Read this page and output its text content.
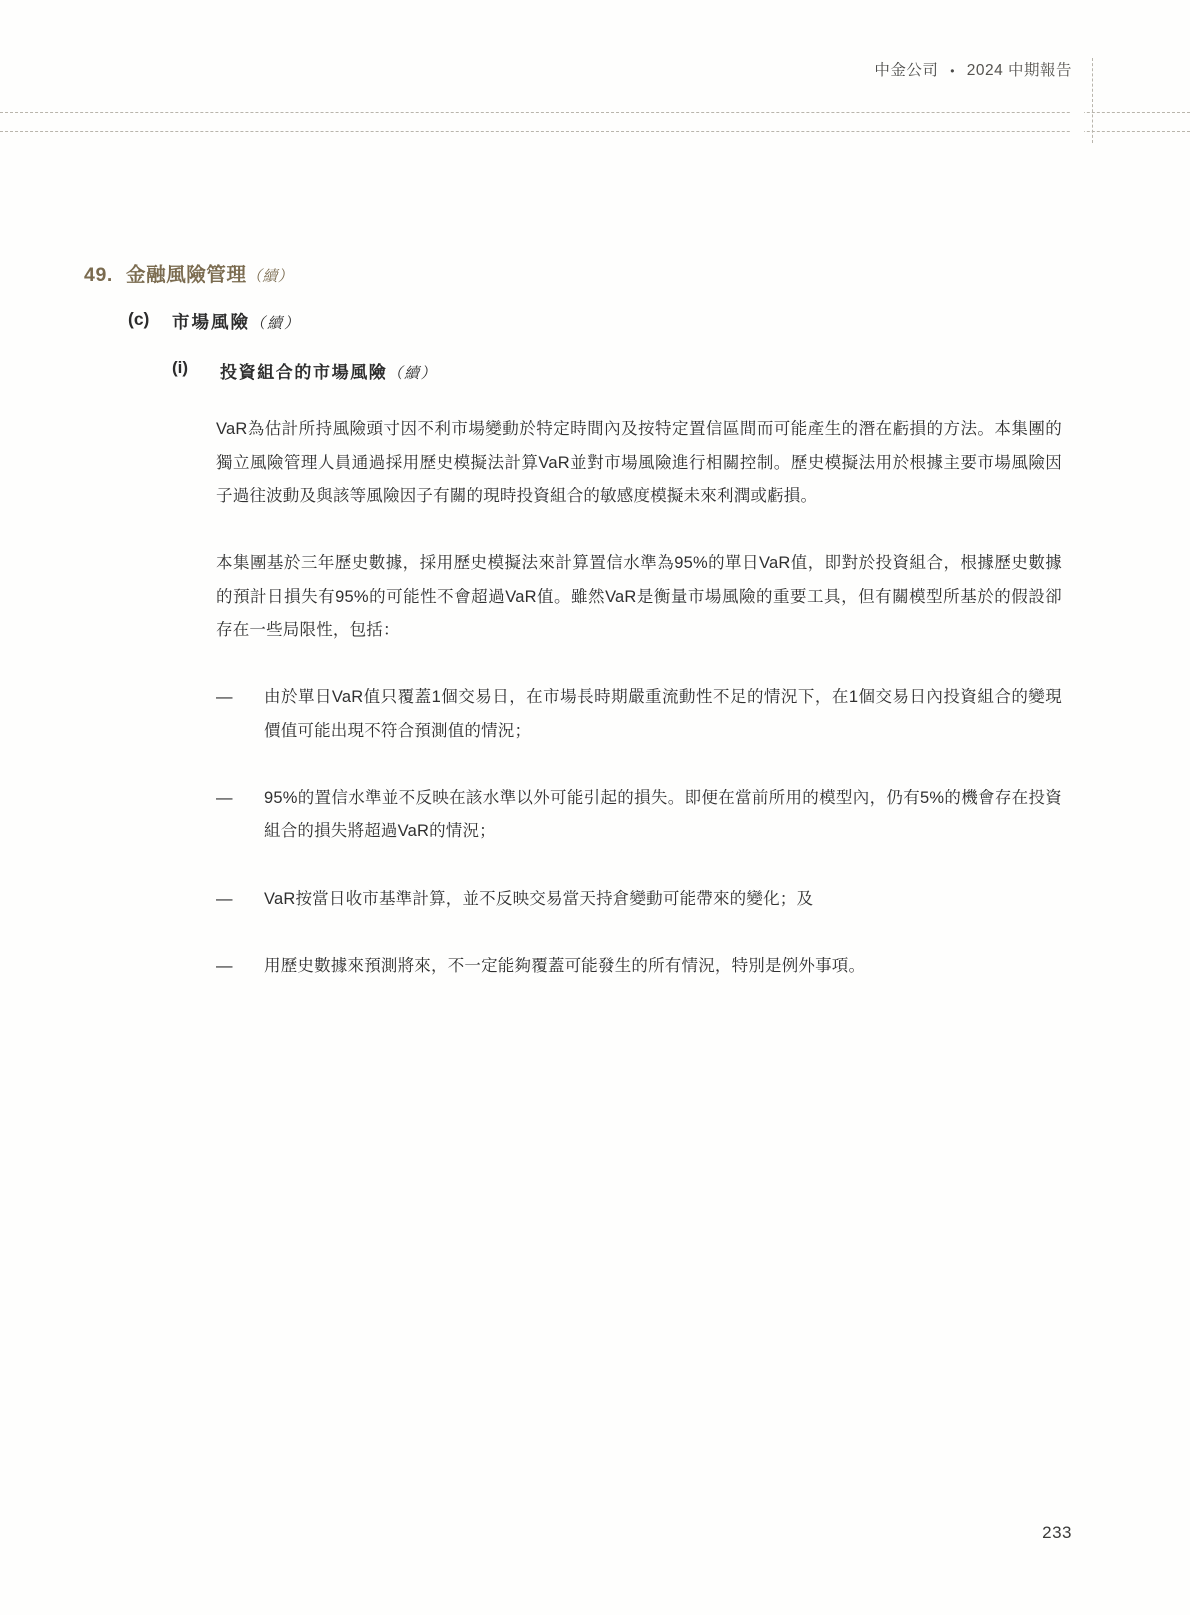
中金公司 • 2024 中期報告
49. 金融風險管理（續）
(c) 市場風險（續）
(i) 投資組合的市場風險（續）

VaR為估計所持風險頭寸因不利市場變動於特定時間內及按特定置信區間而可能產生的潛在虧損的方法。本集團的獨立風險管理人員通過採用歷史模擬法計算VaR並對市場風險進行相關控制。歷史模擬法用於根據主要市場風險因子過往波動及與該等風險因子有關的現時投資組合的敏感度模擬未來利潤或虧損。

本集團基於三年歷史數據，採用歷史模擬法來計算置信水準為95%的單日VaR值，即對於投資組合，根據歷史數據的預計日損失有95%的可能性不會超過VaR值。雖然VaR是衡量市場風險的重要工具，但有關模型所基於的假設卻存在一些局限性，包括：

— 由於單日VaR值只覆蓋1個交易日，在市場長時期嚴重流動性不足的情況下，在1個交易日內投資組合的變現價值可能出現不符合預測值的情況；
— 95%的置信水準並不反映在該水準以外可能引起的損失。即便在當前所用的模型內，仍有5%的機會存在投資組合的損失將超過VaR的情況；
— VaR按當日收市基準計算，並不反映交易當天持倉變動可能帶來的變化；及
— 用歷史數據來預測將來，不一定能夠覆蓋可能發生的所有情況，特別是例外事項。
233
